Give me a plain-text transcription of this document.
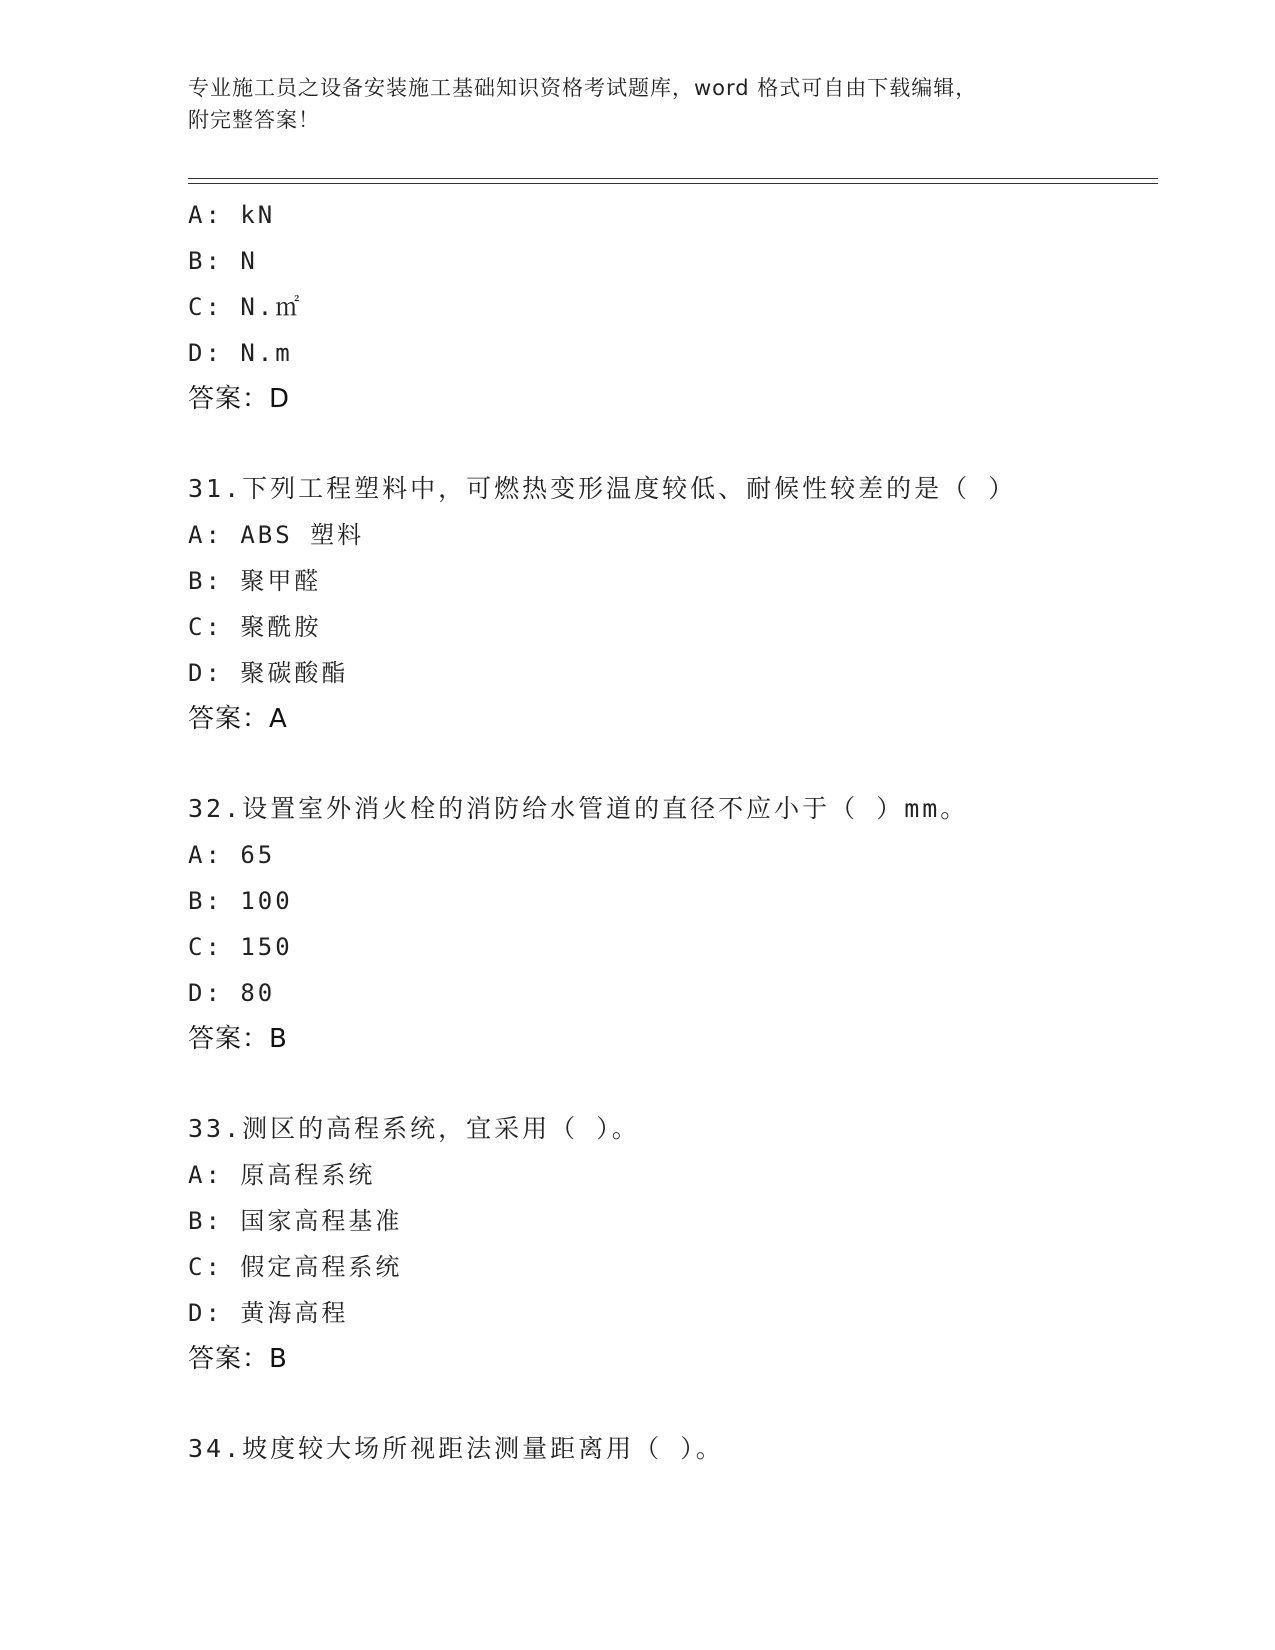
专业施工员之设备安装施工基础知识资格考试题库，word 格式可自由下载编辑，
附完整答案！
A: kN
B: N
C: N.㎡
D: N.m
答案：D
31.下列工程塑料中，可燃热变形温度较低、耐候性较差的是（ ）
A: ABS 塑料
B: 聚甲醛
C: 聚酰胺
D: 聚碳酸酯
答案：A
32.设置室外消火栓的消防给水管道的直径不应小于（ ）mm。
A: 65
B: 100
C: 150
D: 80
答案：B
33.测区的高程系统，宜采用（ ）。
A: 原高程系统
B: 国家高程基准
C: 假定高程系统
D: 黄海高程
答案：B
34.坡度较大场所视距法测量距离用（ ）。
